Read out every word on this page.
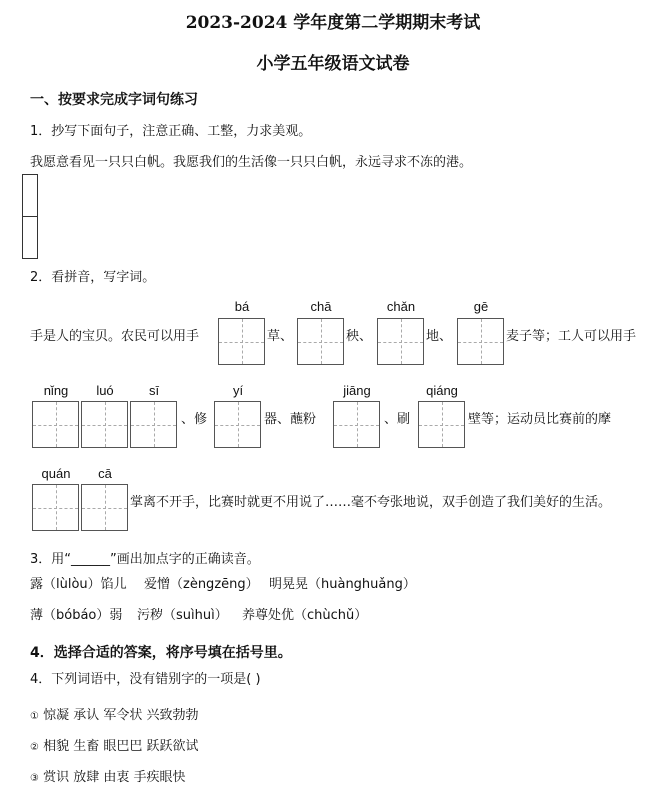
2023-2024 学年度第二学期期末考试
小学五年级语文试卷
一、按要求完成字词句练习
1．抄写下面句子，注意正确、工整，力求美观。
我愿意看见一只只白帆。我愿我们的生活像一只只白帆，永远寻求不冻的港。
2．看拼音，写字词。
bá	chā	chǎn	gē
手是人的宝贝。农民可以用手	草、	秧、	地、	麦子等；工人可以用手
nǐng	luó	sī	yí	jiāng	qiáng
、修	器、蘸粉	、刷	壁等；运动员比赛前的摩
quán	cā
掌离不开手，比赛时就更不用说了……毫不夸张地说，双手创造了我们美好的生活。
3．用“______”画出加点字的正确读音。
露（lùlòu）馅儿 爱憎（zèngzēng） 明晃晃（huànghuǎng）
薄（bóbáo）弱 污秽（suìhuì） 养尊处优（chùchǔ）
4．选择合适的答案，将序号填在括号里。
4．下列词语中，没有错别字的一项是( )
① 惊凝 承认 军令状 兴致勃勃
② 相貌 生畜 眼巴巴 跃跃欲试
③ 赏识 放肆 由衷 手疾眼快
